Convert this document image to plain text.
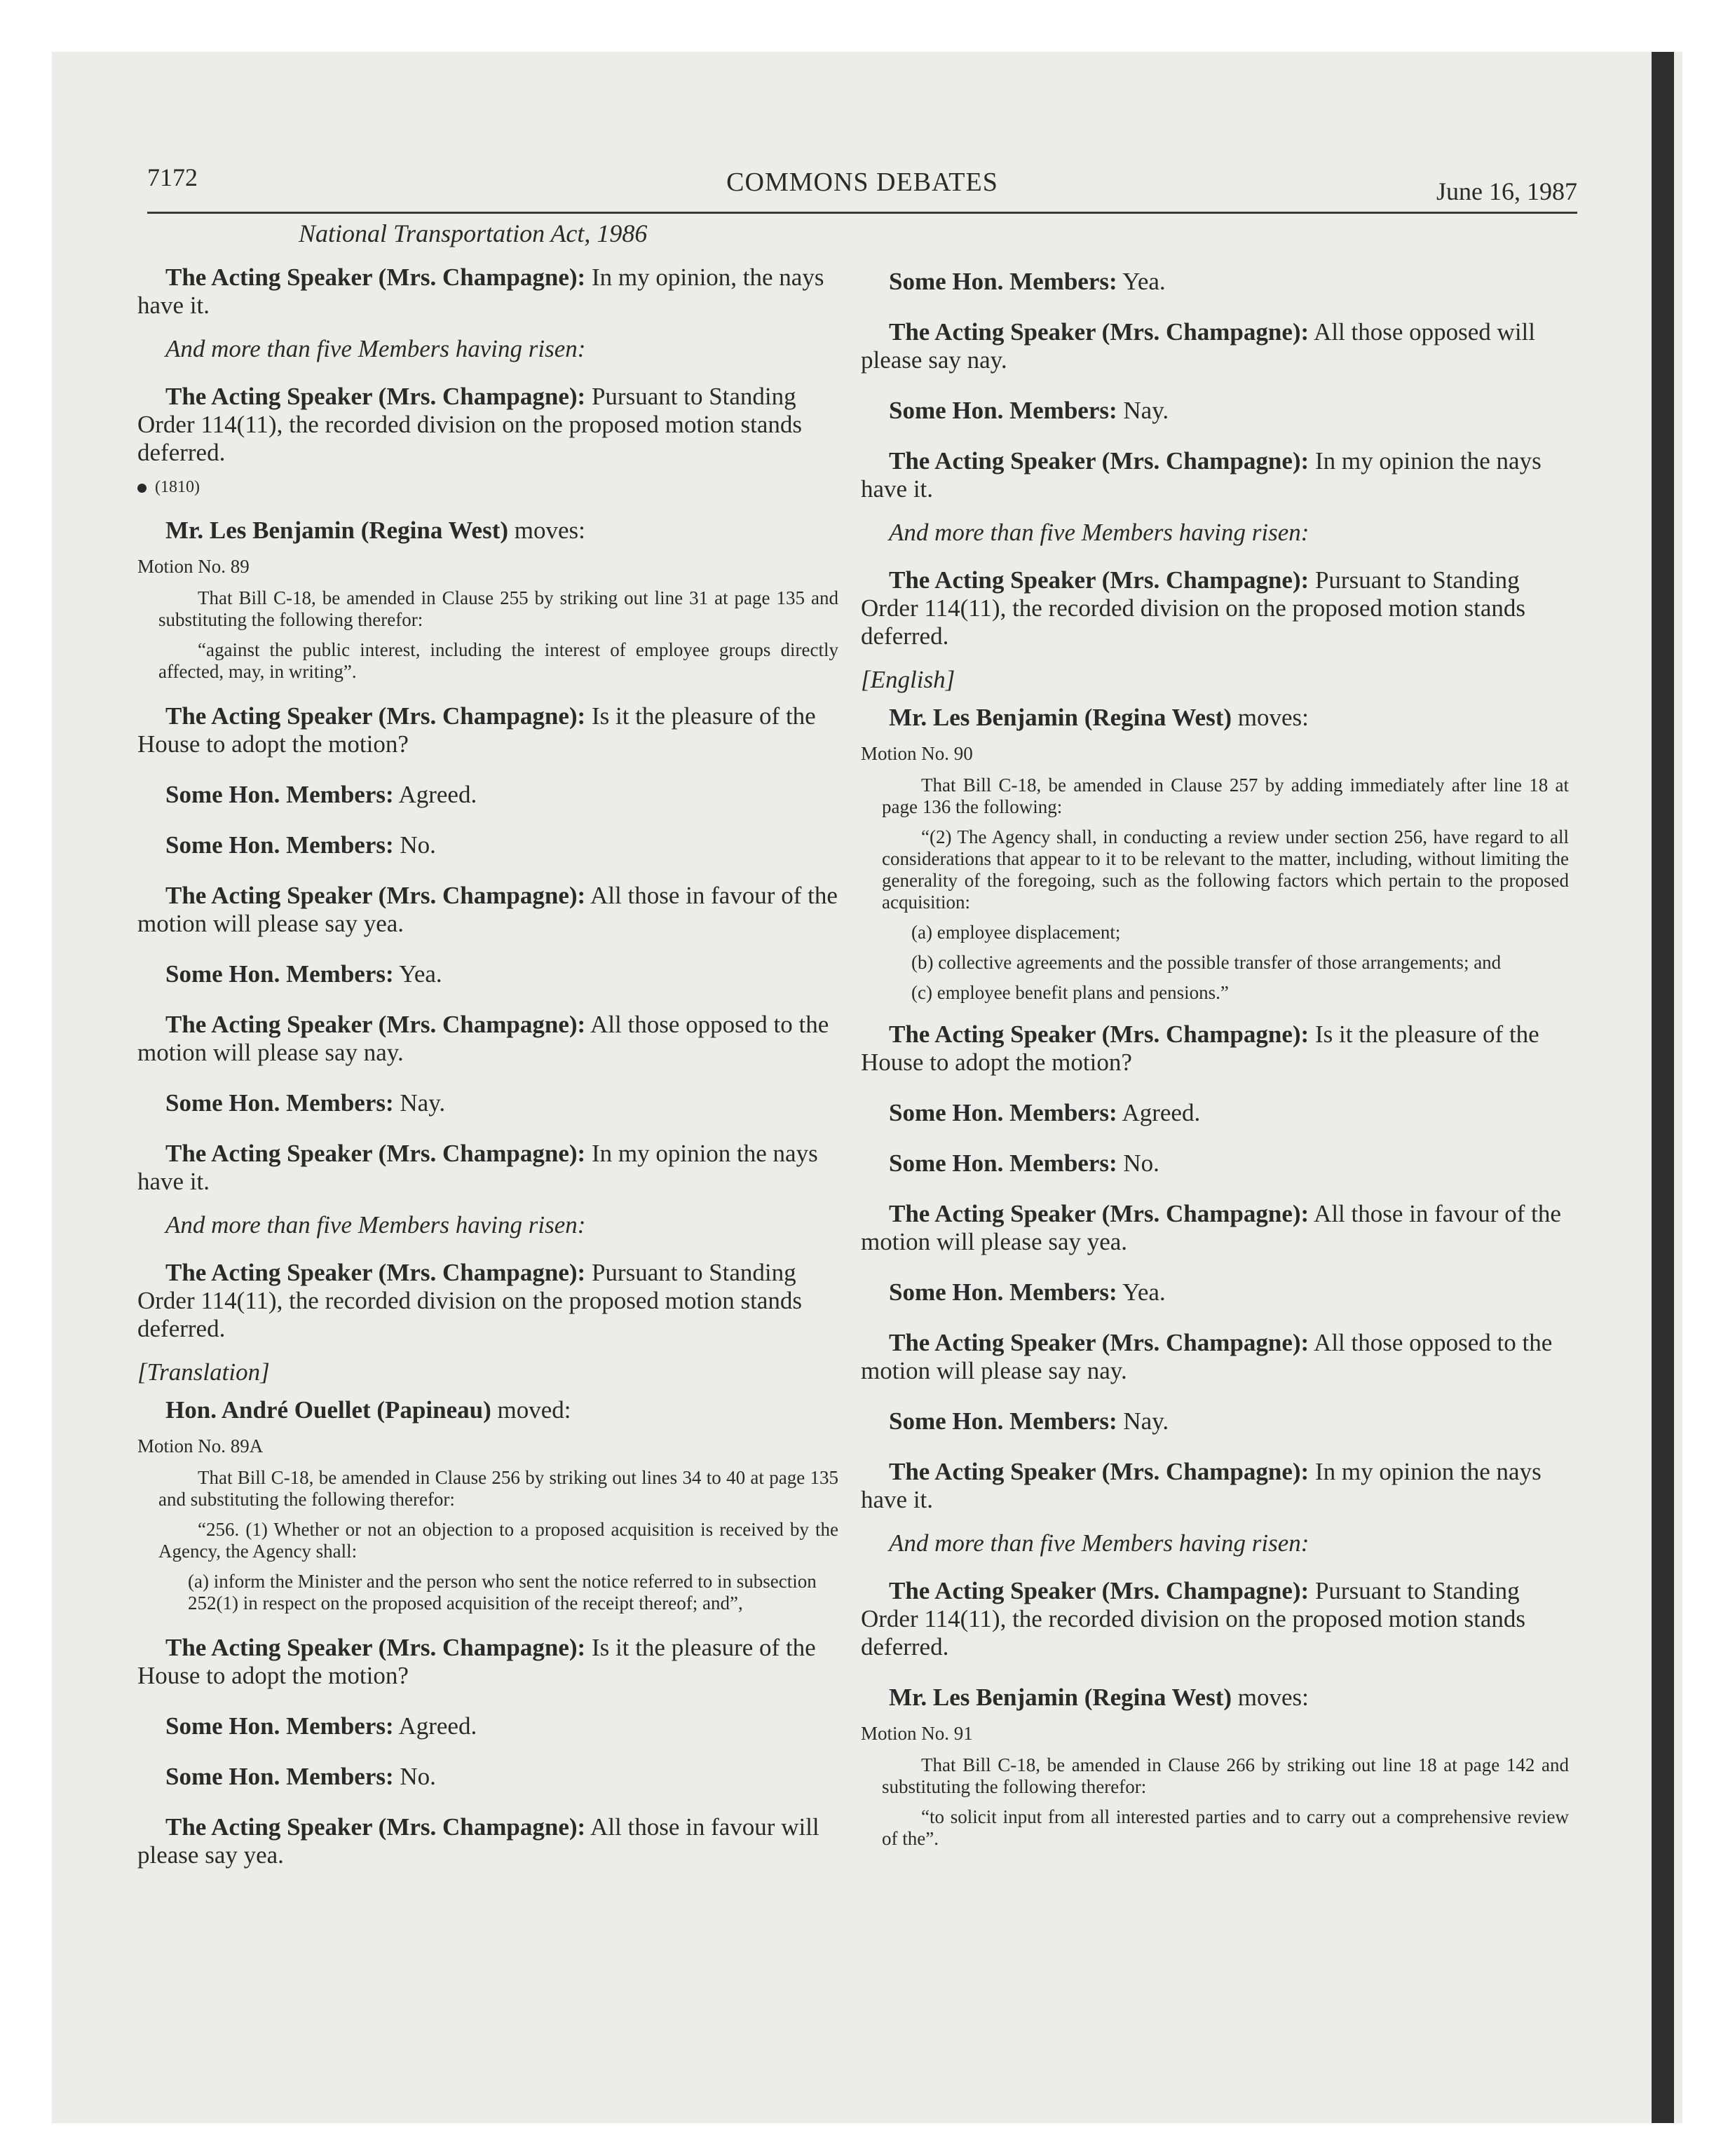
7172	COMMONS DEBATES	June 16, 1987

National Transportation Act, 1986

The Acting Speaker (Mrs. Champagne): In my opinion, the nays have it.

And more than five Members having risen:

The Acting Speaker (Mrs. Champagne): Pursuant to Standing Order 114(11), the recorded division on the proposed motion stands deferred.

(1810)

Mr. Les Benjamin (Regina West) moves:

Motion No. 89

That Bill C-18, be amended in Clause 255 by striking out line 31 at page 135 and substituting the following therefor:

“against the public interest, including the interest of employee groups directly affected, may, in writing”.

The Acting Speaker (Mrs. Champagne): Is it the pleasure of the House to adopt the motion?

Some Hon. Members: Agreed.

Some Hon. Members: No.

The Acting Speaker (Mrs. Champagne): All those in favour of the motion will please say yea.

Some Hon. Members: Yea.

The Acting Speaker (Mrs. Champagne): All those opposed to the motion will please say nay.

Some Hon. Members: Nay.

The Acting Speaker (Mrs. Champagne): In my opinion the nays have it.

And more than five Members having risen:

The Acting Speaker (Mrs. Champagne): Pursuant to Standing Order 114(11), the recorded division on the proposed motion stands deferred.

[Translation]

Hon. André Ouellet (Papineau) moved:

Motion No. 89A

That Bill C-18, be amended in Clause 256 by striking out lines 34 to 40 at page 135 and substituting the following therefor:

“256. (1) Whether or not an objection to a proposed acquisition is received by the Agency, the Agency shall:

(a) inform the Minister and the person who sent the notice referred to in subsection 252(1) in respect on the proposed acquisition of the receipt thereof; and”,

The Acting Speaker (Mrs. Champagne): Is it the pleasure of the House to adopt the motion?

Some Hon. Members: Agreed.

Some Hon. Members: No.

The Acting Speaker (Mrs. Champagne): All those in favour will please say yea.

Some Hon. Members: Yea.

The Acting Speaker (Mrs. Champagne): All those opposed will please say nay.

Some Hon. Members: Nay.

The Acting Speaker (Mrs. Champagne): In my opinion the nays have it.

And more than five Members having risen:

The Acting Speaker (Mrs. Champagne): Pursuant to Standing Order 114(11), the recorded division on the proposed motion stands deferred.

[English]

Mr. Les Benjamin (Regina West) moves:

Motion No. 90

That Bill C-18, be amended in Clause 257 by adding immediately after line 18 at page 136 the following:

“(2) The Agency shall, in conducting a review under section 256, have regard to all considerations that appear to it to be relevant to the matter, including, without limiting the generality of the foregoing, such as the following factors which pertain to the proposed acquisition:

(a) employee displacement;

(b) collective agreements and the possible transfer of those arrangements; and

(c) employee benefit plans and pensions.”

The Acting Speaker (Mrs. Champagne): Is it the pleasure of the House to adopt the motion?

Some Hon. Members: Agreed.

Some Hon. Members: No.

The Acting Speaker (Mrs. Champagne): All those in favour of the motion will please say yea.

Some Hon. Members: Yea.

The Acting Speaker (Mrs. Champagne): All those opposed to the motion will please say nay.

Some Hon. Members: Nay.

The Acting Speaker (Mrs. Champagne): In my opinion the nays have it.

And more than five Members having risen:

The Acting Speaker (Mrs. Champagne): Pursuant to Standing Order 114(11), the recorded division on the proposed motion stands deferred.

Mr. Les Benjamin (Regina West) moves:

Motion No. 91

That Bill C-18, be amended in Clause 266 by striking out line 18 at page 142 and substituting the following therefor:

“to solicit input from all interested parties and to carry out a comprehensive review of the”.
